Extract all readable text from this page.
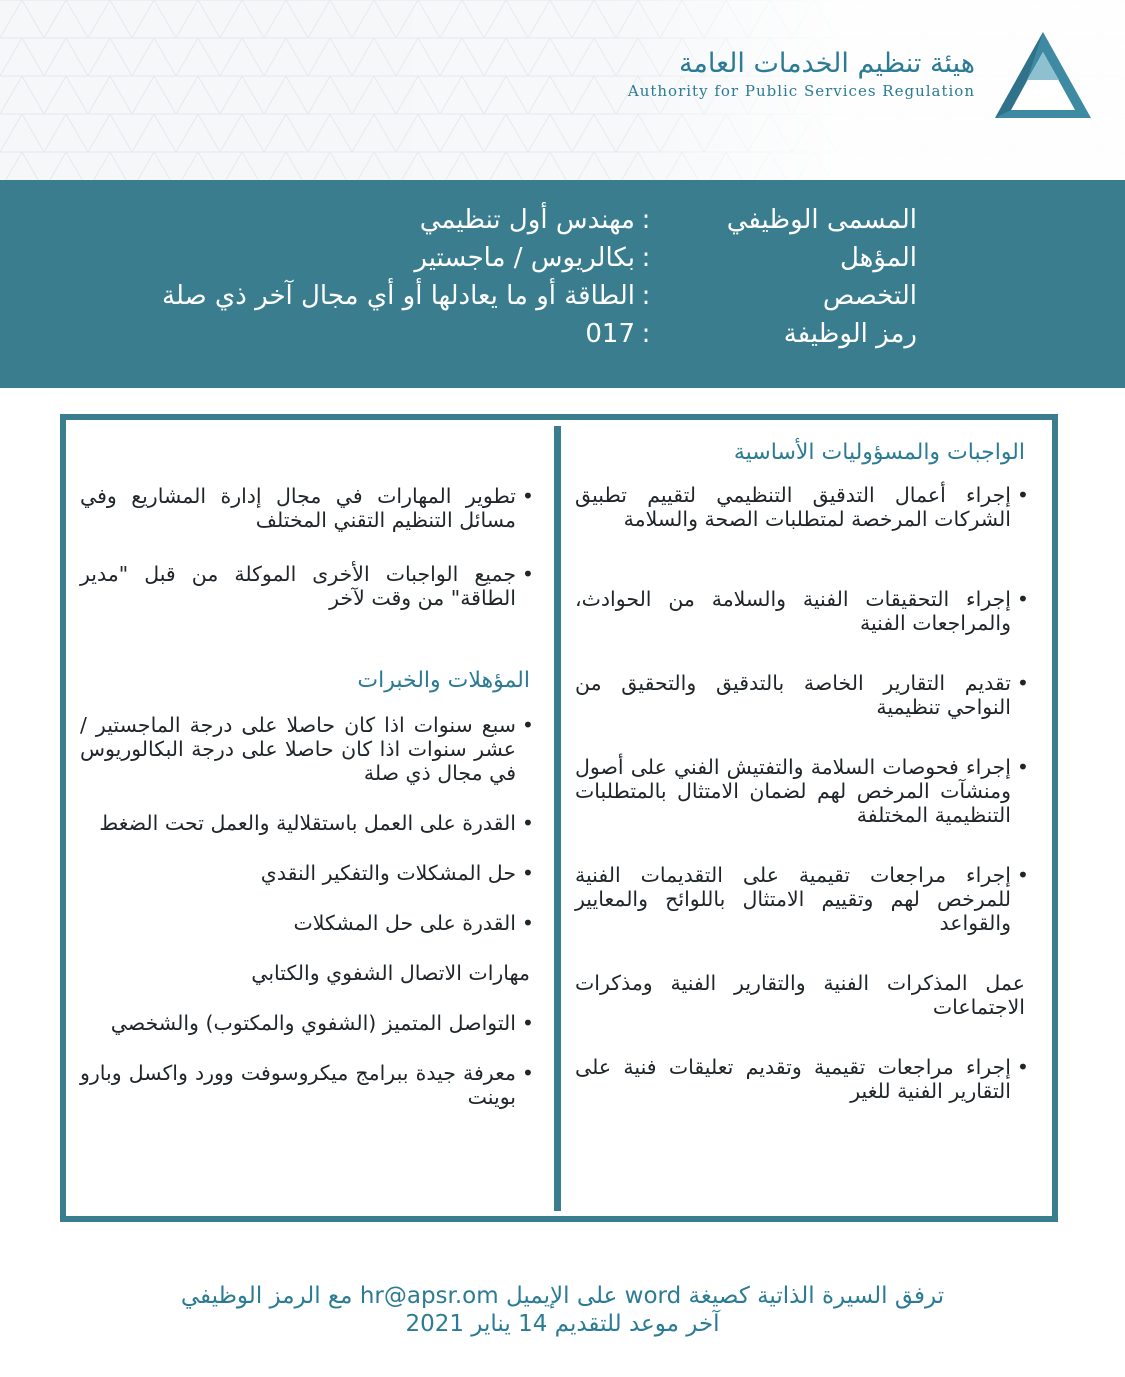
هيئة تنظيم الخدمات العامة
Authority for Public Services Regulation
المسمى الوظيفي
:
مهندس أول تنظيمي
المؤهل
:
بكالريوس / ماجستير
التخصص
:
الطاقة أو ما يعادلها أو أي مجال آخر ذي صلة
رمز الوظيفة
:
017
الواجبات والمسؤوليات الأساسية
•
إجراء أعمال التدقيق التنظيمي لتقييم تطبيق الشركات المرخصة لمتطلبات الصحة والسلامة
•
إجراء التحقيقات الفنية والسلامة من الحوادث، والمراجعات الفنية
•
تقديم التقارير الخاصة بالتدقيق والتحقيق من النواحي تنظيمية
•
إجراء فحوصات السلامة والتفتيش الفني على أصول ومنشآت المرخص لهم لضمان الامتثال بالمتطلبات التنظيمية المختلفة
•
إجراء مراجعات تقيمية على التقديمات الفنية للمرخص لهم وتقييم الامتثال باللوائح والمعايير والقواعد
عمل المذكرات الفنية والتقارير الفنية ومذكرات الاجتماعات
•
إجراء مراجعات تقيمية وتقديم تعليقات فنية على التقارير الفنية للغير
•
تطوير المهارات في مجال إدارة المشاريع وفي مسائل التنظيم التقني المختلف
•
جميع الواجبات الأخرى الموكلة من قبل "مدير الطاقة" من وقت لآخر
المؤهلات والخبرات
•
سبع سنوات اذا كان حاصلا على درجة الماجستير / عشر سنوات اذا كان حاصلا على درجة البكالوريوس في مجال ذي صلة
•
القدرة على العمل باستقلالية والعمل تحت الضغط
•
حل المشكلات والتفكير النقدي
•
القدرة على حل المشكلات
مهارات الاتصال الشفوي والكتابي
•
التواصل المتميز (الشفوي والمكتوب) والشخصي
•
معرفة جيدة ببرامج ميكروسوفت وورد واكسل وبارو بوينت
ترفق السيرة الذاتية كصيغة word على الإيميل hr@apsr.om مع الرمز الوظيفي
آخر موعد للتقديم 14 يناير 2021
